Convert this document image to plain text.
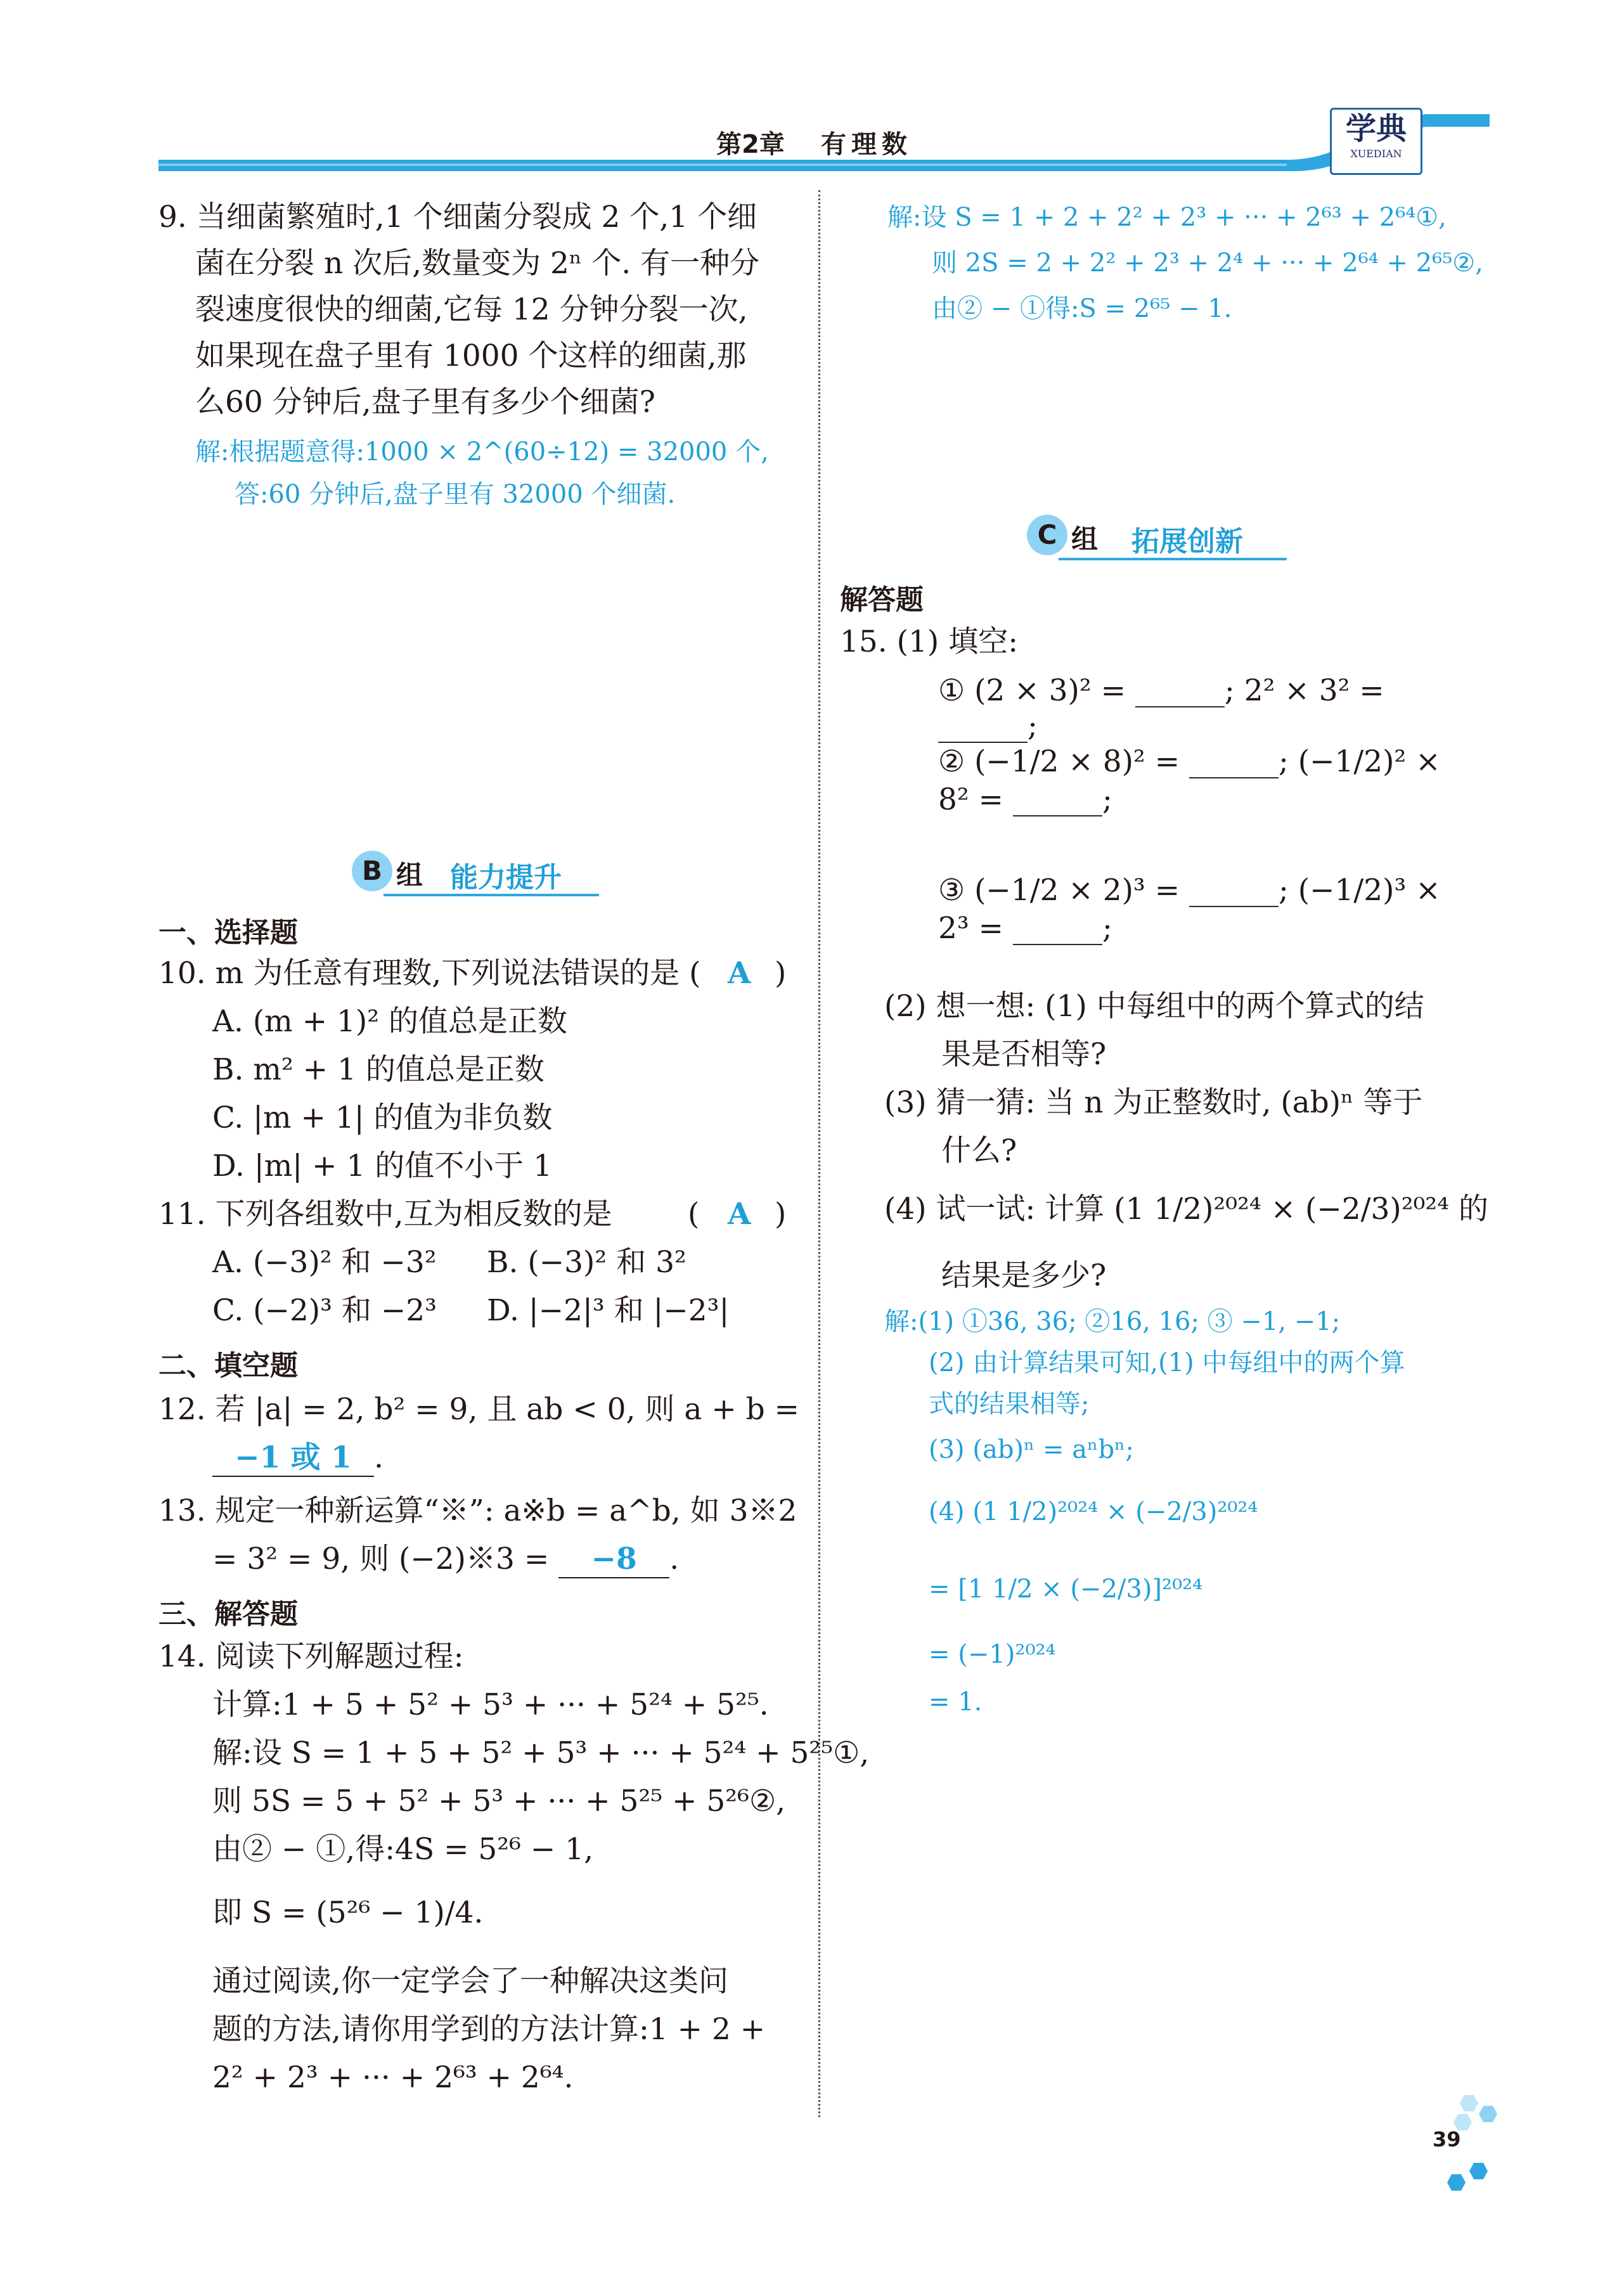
第2章 有理数	学典
XUEDIAN
9. 当细菌繁殖时,1 个细菌分裂成 2 个,1 个细
菌在分裂 n 次后,数量变为 2ⁿ 个. 有一种分
裂速度很快的细菌,它每 12 分钟分裂一次,
如果现在盘子里有 1000 个这样的细菌,那
么60 分钟后,盘子里有多少个细菌?
解:根据题意得:1000 × 2^(60÷12) = 32000 个,
答:60 分钟后,盘子里有 32000 个细菌.
解:设 S = 1 + 2 + 2² + 2³ + ··· + 2⁶³ + 2⁶⁴①,
则 2S = 2 + 2² + 2³ + 2⁴ + ··· + 2⁶⁴ + 2⁶⁵②,
由② − ①得:S = 2⁶⁵ − 1.
B 组 能力提升
一、选择题
10. m 为任意有理数,下列说法错误的是 ( A )
A. (m + 1)² 的值总是正数
B. m² + 1 的值总是正数
C. |m + 1| 的值为非负数
D. |m| + 1 的值不小于 1
11. 下列各组数中,互为相反数的是	( A )
A. (−3)² 和 −3² B. (−3)² 和 3²
C. (−2)³ 和 −2³ D. |−2|³ 和 |−2³|
二、填空题
12. 若 |a| = 2, b² = 9, 且 ab < 0, 则 a + b =
−1 或 1 .
13. 规定一种新运算“※”: a※b = a^b, 如 3※2
= 3² = 9, 则 (−2)※3 = −8 .
三、解答题
14. 阅读下列解题过程:
计算:1 + 5 + 5² + 5³ + ··· + 5²⁴ + 5²⁵.
解:设 S = 1 + 5 + 5² + 5³ + ··· + 5²⁴ + 5²⁵①,
则 5S = 5 + 5² + 5³ + ··· + 5²⁵ + 5²⁶②,
由② − ①,得:4S = 5²⁶ − 1,
即 S = (5²⁶ − 1)/4.
通过阅读,你一定学会了一种解决这类问
题的方法,请你用学到的方法计算:1 + 2 +
2² + 2³ + ··· + 2⁶³ + 2⁶⁴.
C 组 拓展创新
解答题
15. (1) 填空:
① (2 × 3)² = ______; 2² × 3² = ______;
② (−1/2 × 8)² = ______; (−1/2)² × 8² = ______;
③ (−1/2 × 2)³ = ______; (−1/2)³ × 2³ = ______;
(2) 想一想: (1) 中每组中的两个算式的结
果是否相等?
(3) 猜一猜: 当 n 为正整数时, (ab)ⁿ 等于
什么?
(4) 试一试: 计算 (1 1/2)²⁰²⁴ × (−2/3)²⁰²⁴ 的
结果是多少?
解:(1) ①36, 36; ②16, 16; ③ −1, −1;
(2) 由计算结果可知,(1) 中每组中的两个算
式的结果相等;
(3) (ab)ⁿ = aⁿbⁿ;
(4) (1 1/2)²⁰²⁴ × (−2/3)²⁰²⁴
= [1 1/2 × (−2/3)]²⁰²⁴
= (−1)²⁰²⁴
= 1.
39
